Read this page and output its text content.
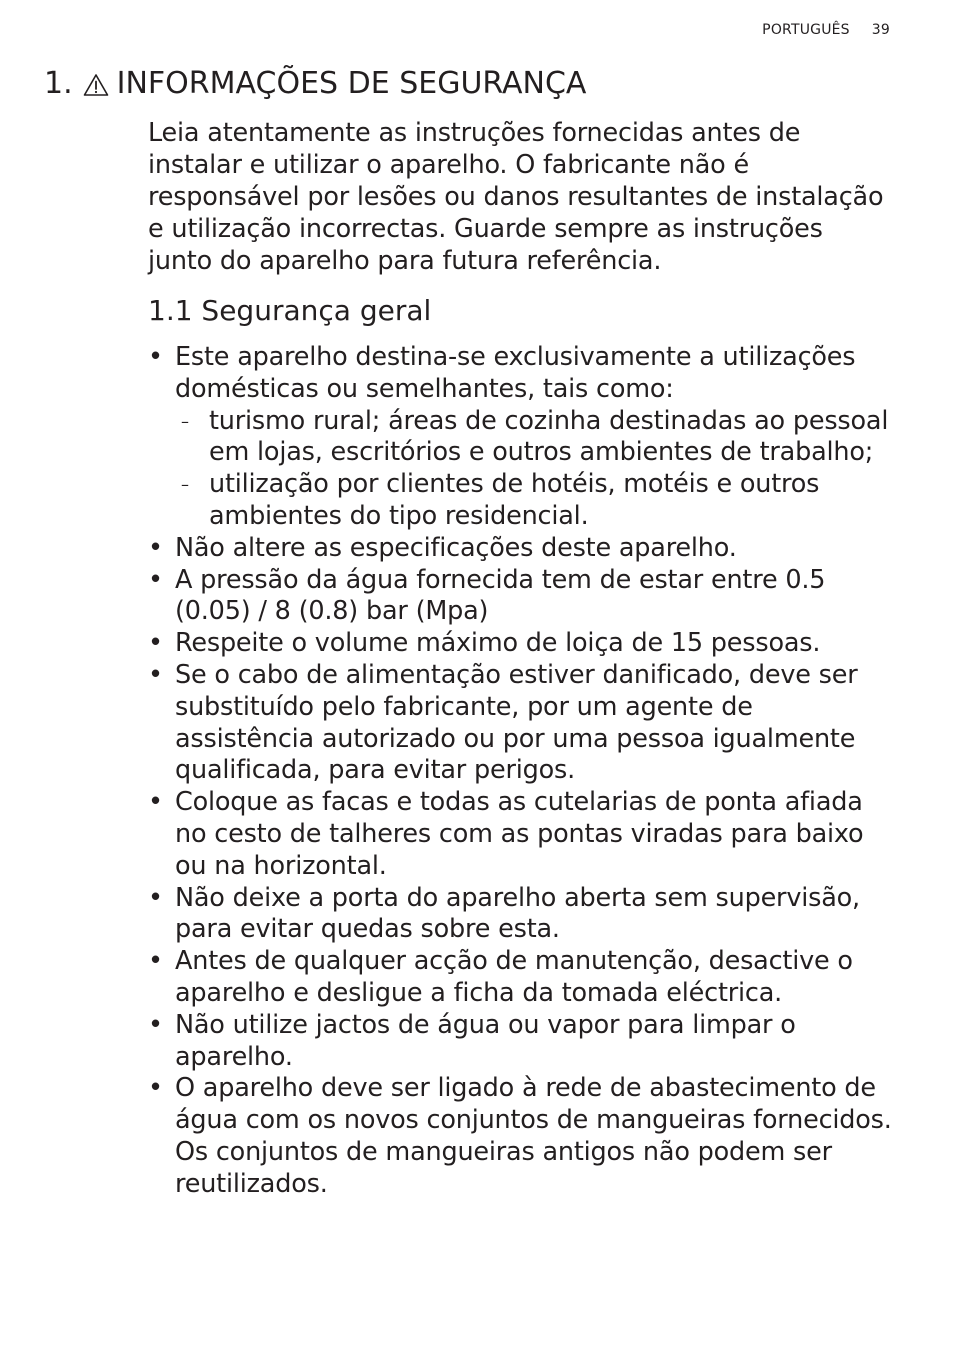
PORTUGUÊS 39
1. INFORMAÇÕES DE SEGURANÇA

Leia atentamente as instruções fornecidas antes de instalar e utilizar o aparelho. O fabricante não é responsável por lesões ou danos resultantes de instalação e utilização incorrectas. Guarde sempre as instruções junto do aparelho para futura referência.

1.1 Segurança geral
• Este aparelho destina-se exclusivamente a utilizações domésticas ou semelhantes, tais como:
– turismo rural; áreas de cozinha destinadas ao pessoal em lojas, escritórios e outros ambientes de trabalho;
– utilização por clientes de hotéis, motéis e outros ambientes do tipo residencial.
• Não altere as especificações deste aparelho.
• A pressão da água fornecida tem de estar entre 0.5 (0.05) / 8 (0.8) bar (Mpa)
• Respeite o volume máximo de loiça de 15 pessoas.
• Se o cabo de alimentação estiver danificado, deve ser substituído pelo fabricante, por um agente de assistência autorizado ou por uma pessoa igualmente qualificada, para evitar perigos.
• Coloque as facas e todas as cutelarias de ponta afiada no cesto de talheres com as pontas viradas para baixo ou na horizontal.
• Não deixe a porta do aparelho aberta sem supervisão, para evitar quedas sobre esta.
• Antes de qualquer acção de manutenção, desactive o aparelho e desligue a ficha da tomada eléctrica.
• Não utilize jactos de água ou vapor para limpar o aparelho.
• O aparelho deve ser ligado à rede de abastecimento de água com os novos conjuntos de mangueiras fornecidos. Os conjuntos de mangueiras antigos não podem ser reutilizados.
